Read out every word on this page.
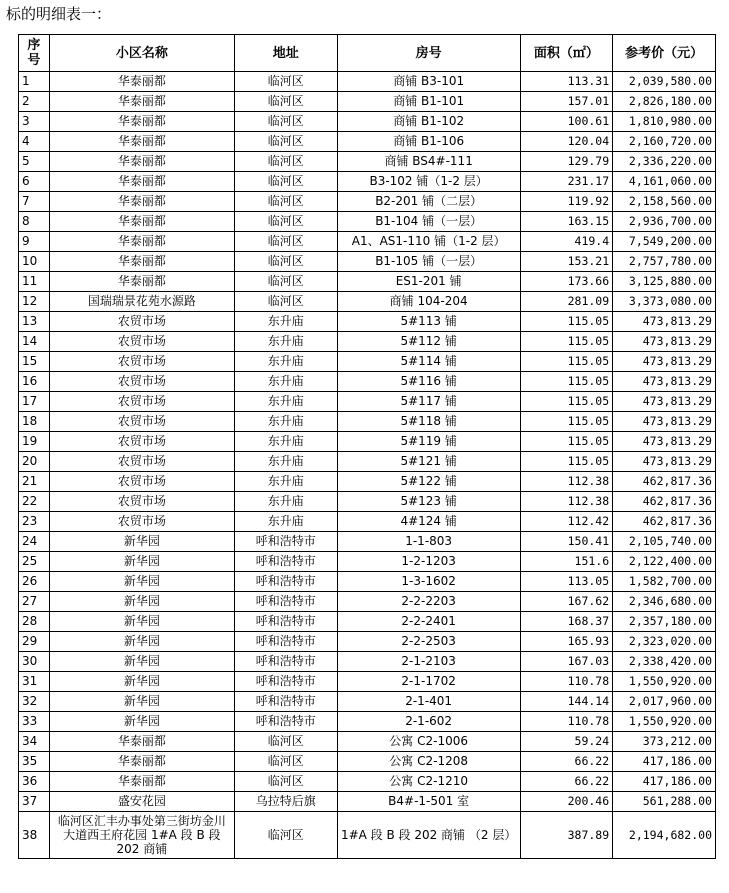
标的明细表一：
序号	小区名称	地址	房号	面积（㎡）	参考价（元）
1	华泰丽都	临河区	商铺 B3-101	113.31	2,039,580.00
2	华泰丽都	临河区	商铺 B1-101	157.01	2,826,180.00
3	华泰丽都	临河区	商铺 B1-102	100.61	1,810,980.00
4	华泰丽都	临河区	商铺 B1-106	120.04	2,160,720.00
5	华泰丽都	临河区	商铺 BS4#-111	129.79	2,336,220.00
6	华泰丽都	临河区	B3-102 铺（1-2 层）	231.17	4,161,060.00
7	华泰丽都	临河区	B2-201 铺（二层）	119.92	2,158,560.00
8	华泰丽都	临河区	B1-104 铺（一层）	163.15	2,936,700.00
9	华泰丽都	临河区	A1、AS1-110 铺（1-2 层）	419.4	7,549,200.00
10	华泰丽都	临河区	B1-105 铺（一层）	153.21	2,757,780.00
11	华泰丽都	临河区	ES1-201 铺	173.66	3,125,880.00
12	国瑞瑞景花苑水源路	临河区	商铺 104-204	281.09	3,373,080.00
13	农贸市场	东升庙	5#113 铺	115.05	473,813.29
14	农贸市场	东升庙	5#112 铺	115.05	473,813.29
15	农贸市场	东升庙	5#114 铺	115.05	473,813.29
16	农贸市场	东升庙	5#116 铺	115.05	473,813.29
17	农贸市场	东升庙	5#117 铺	115.05	473,813.29
18	农贸市场	东升庙	5#118 铺	115.05	473,813.29
19	农贸市场	东升庙	5#119 铺	115.05	473,813.29
20	农贸市场	东升庙	5#121 铺	115.05	473,813.29
21	农贸市场	东升庙	5#122 铺	112.38	462,817.36
22	农贸市场	东升庙	5#123 铺	112.38	462,817.36
23	农贸市场	东升庙	4#124 铺	112.42	462,817.36
24	新华园	呼和浩特市	1-1-803	150.41	2,105,740.00
25	新华园	呼和浩特市	1-2-1203	151.6	2,122,400.00
26	新华园	呼和浩特市	1-3-1602	113.05	1,582,700.00
27	新华园	呼和浩特市	2-2-2203	167.62	2,346,680.00
28	新华园	呼和浩特市	2-2-2401	168.37	2,357,180.00
29	新华园	呼和浩特市	2-2-2503	165.93	2,323,020.00
30	新华园	呼和浩特市	2-1-2103	167.03	2,338,420.00
31	新华园	呼和浩特市	2-1-1702	110.78	1,550,920.00
32	新华园	呼和浩特市	2-1-401	144.14	2,017,960.00
33	新华园	呼和浩特市	2-1-602	110.78	1,550,920.00
34	华泰丽都	临河区	公寓 C2-1006	59.24	373,212.00
35	华泰丽都	临河区	公寓 C2-1208	66.22	417,186.00
36	华泰丽都	临河区	公寓 C2-1210	66.22	417,186.00
37	盛安花园	乌拉特后旗	B4#-1-501 室	200.46	561,288.00
38	临河区汇丰办事处第三街坊金川大道西王府花园 1#A 段 B 段 202 商铺	临河区	1#A 段 B 段 202 商铺 （2 层）	387.89	2,194,682.00
